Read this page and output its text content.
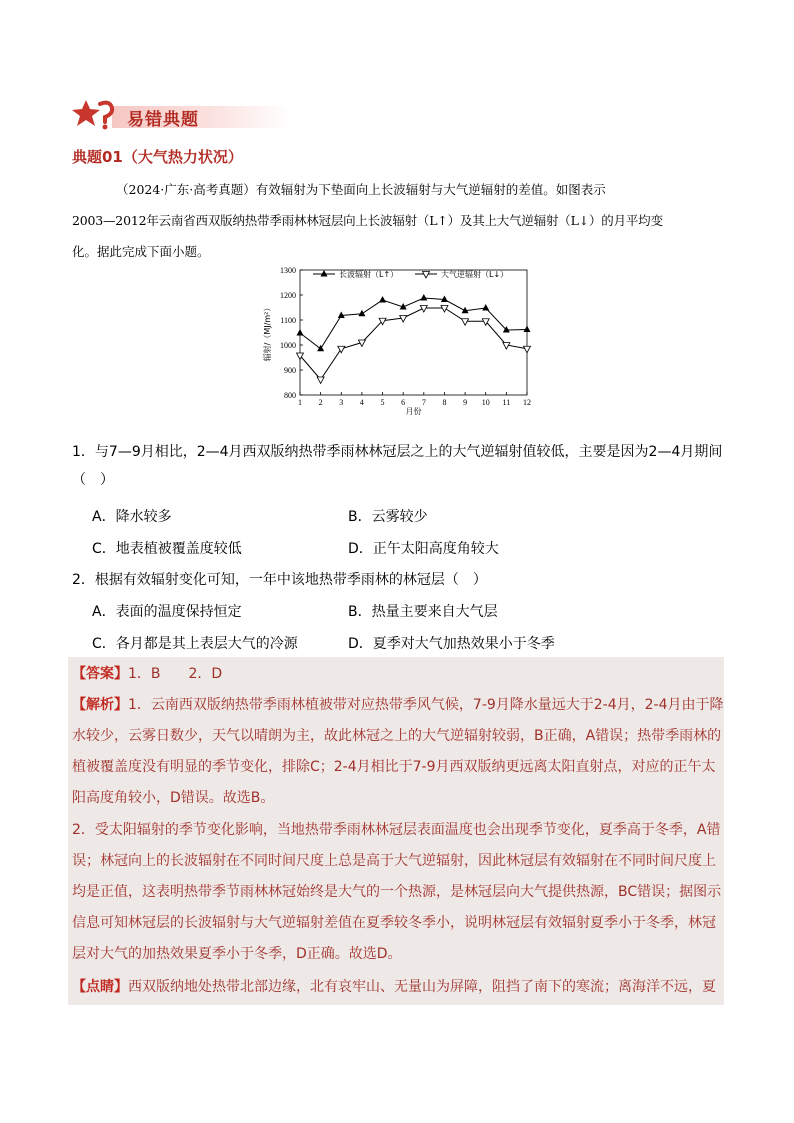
易错典题
典题01（大气热力状况）

（2024·广东·高考真题）有效辐射为下垫面向上长波辐射与大气逆辐射的差值。如图表示

2003—2012年云南省西双版纳热带季雨林林冠层向上长波辐射（L↑）及其上大气逆辐射（L↓）的月平均变

化。据此完成下面小题。

800
900
1000
1100
1200
1300
1 2 3 4 5 6 7 8 9 10 11 12
月份
辐射/（MJ/m²）
长波辐射（L↑）	大气逆辐射（L↓）
1．与7—9月相比，2—4月西双版纳热带季雨林林冠层之上的大气逆辐射值较低，主要是因为2—4月期间
（　）
A．降水较多	B．云雾较少
C．地表植被覆盖度较低	D．正午太阳高度角较大
2．根据有效辐射变化可知，一年中该地热带季雨林的林冠层（　）
A．表面的温度保持恒定	B．热量主要来自大气层
C．各月都是其上表层大气的冷源	D．夏季对大气加热效果小于冬季
【答案】1．B　　2．D
【解析】1．云南西双版纳热带季雨林植被带对应热带季风气候，7-9月降水量远大于2-4月，2-4月由于降
水较少，云雾日数少，天气以晴朗为主，故此林冠之上的大气逆辐射较弱，B正确，A错误；热带季雨林的
植被覆盖度没有明显的季节变化，排除C；2-4月相比于7-9月西双版纳更远离太阳直射点，对应的正午太
阳高度角较小，D错误。故选B。
2．受太阳辐射的季节变化影响，当地热带季雨林林冠层表面温度也会出现季节变化，夏季高于冬季，A错
误；林冠向上的长波辐射在不同时间尺度上总是高于大气逆辐射，因此林冠层有效辐射在不同时间尺度上
均是正值，这表明热带季节雨林林冠始终是大气的一个热源，是林冠层向大气提供热源，BC错误；据图示
信息可知林冠层的长波辐射与大气逆辐射差值在夏季较冬季小，说明林冠层有效辐射夏季小于冬季，林冠
层对大气的加热效果夏季小于冬季，D正确。故选D。
【点睛】西双版纳地处热带北部边缘，北有哀牢山、无量山为屏障，阻挡了南下的寒流；离海洋不远，夏
